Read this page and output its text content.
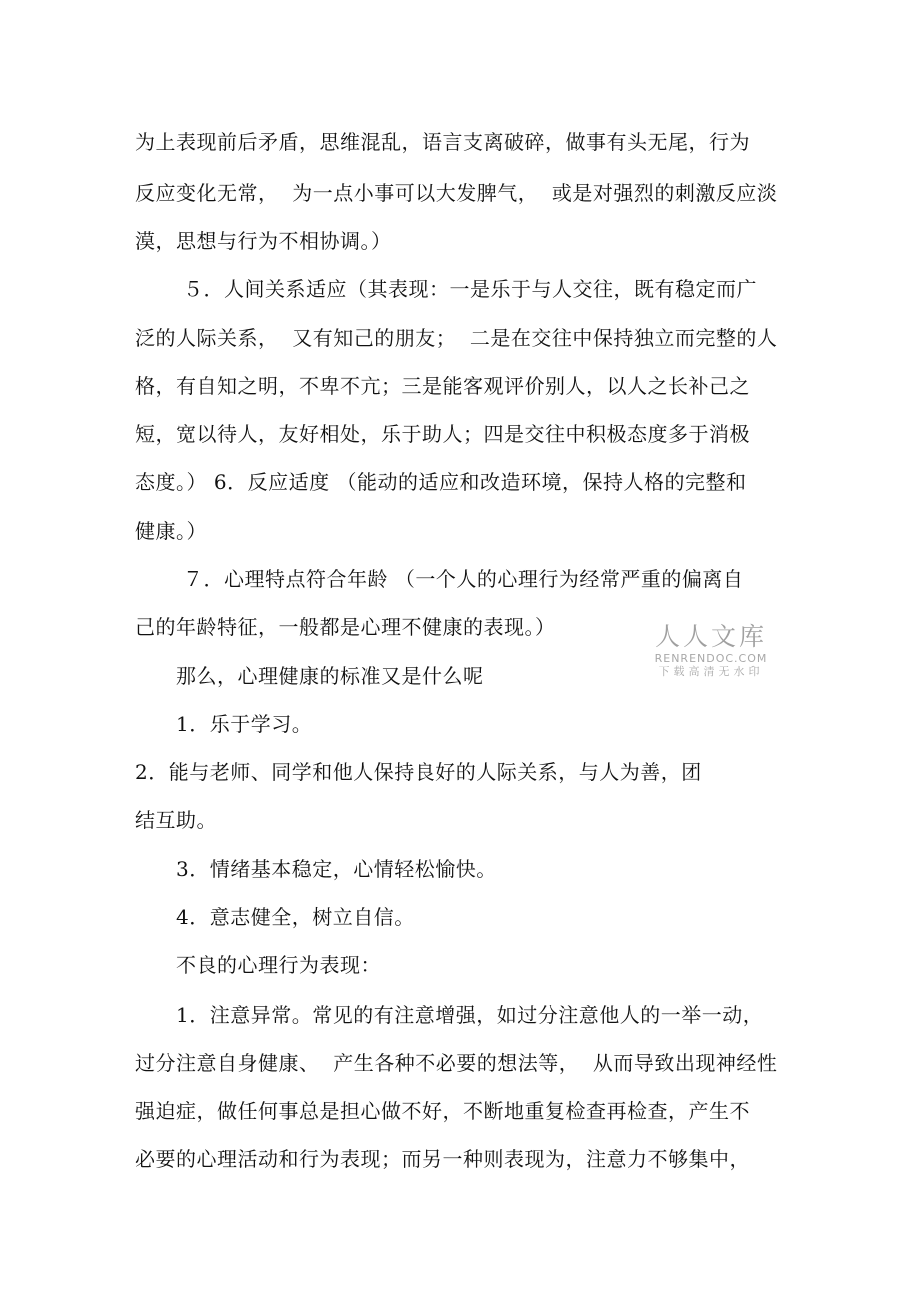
为上表现前后矛盾，思维混乱，语言支离破碎，做事有头无尾，行为
反应变化无常，  为一点小事可以大发脾气，  或是对强烈的刺激反应淡
漠，思想与行为不相协调。）
５．人间关系适应（其表现：一是乐于与人交往，既有稳定而广
泛的人际关系，  又有知己的朋友；  二是在交往中保持独立而完整的人
格，有自知之明，不卑不亢；三是能客观评价别人，以人之长补己之
短，宽以待人，友好相处，乐于助人；四是交往中积极态度多于消极
态度。） 6．反应适度 （能动的适应和改造环境，保持人格的完整和
健康。）
７．心理特点符合年龄 （一个人的心理行为经常严重的偏离自
己的年龄特征，一般都是心理不健康的表现。）
那么，心理健康的标准又是什么呢
1．乐于学习。
2．能与老师、同学和他人保持良好的人际关系，与人为善，团
结互助。
3．情绪基本稳定，心情轻松愉快。
4．意志健全，树立自信。
不良的心理行为表现：
1．注意异常。常见的有注意增强，如过分注意他人的一举一动，
过分注意自身健康、  产生各种不必要的想法等，  从而导致出现神经性
强迫症，做任何事总是担心做不好，不断地重复检查再检查，产生不
必要的心理活动和行为表现；而另一种则表现为，注意力不够集中，
人人文库
RENRENDOC.COM
下载高清无水印
